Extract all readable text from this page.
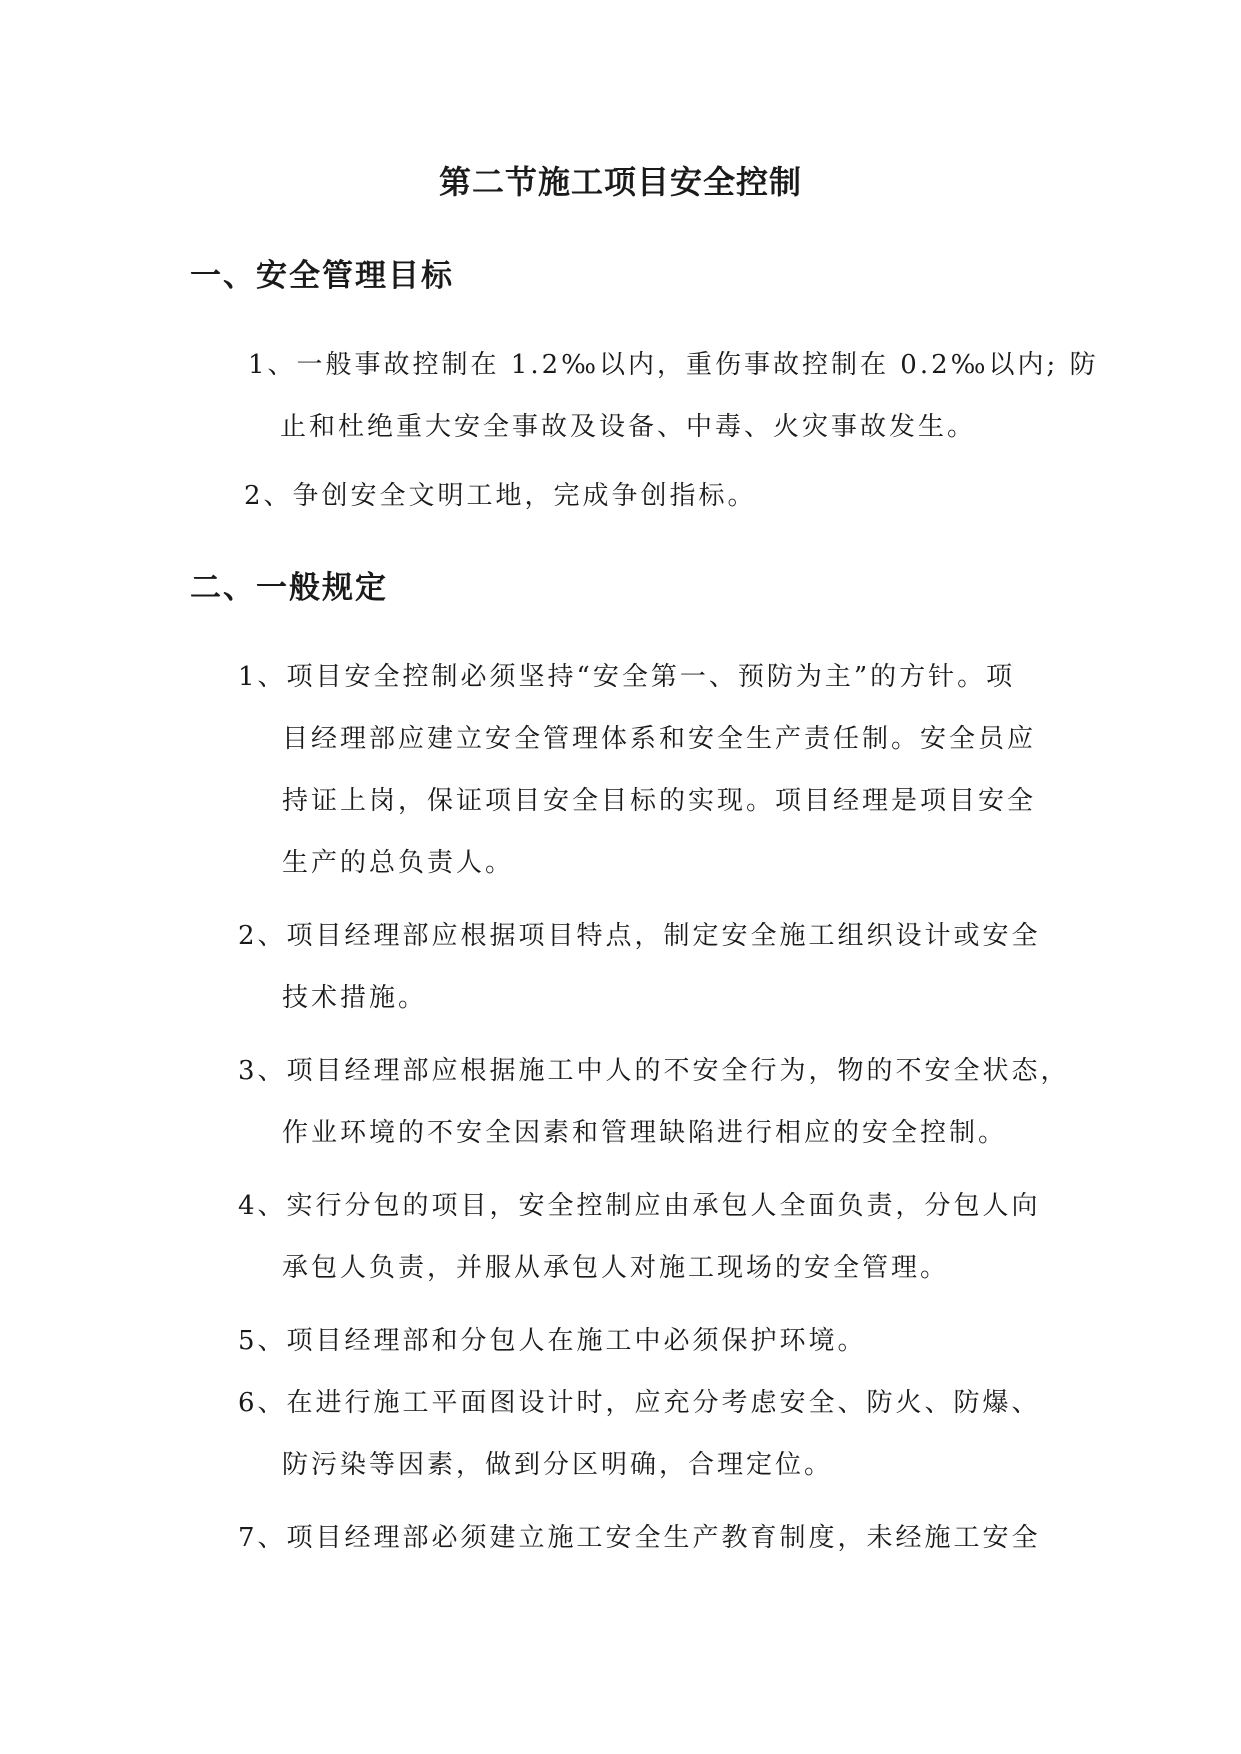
第二节施工项目安全控制
一、安全管理目标
1、一般事故控制在 1.2‰以内，重伤事故控制在 0.2‰以内; 防
止和杜绝重大安全事故及设备、中毒、火灾事故发生。
2、争创安全文明工地，完成争创指标。
二、一般规定
1、项目安全控制必须坚持“安全第一、预防为主”的方针。项
目经理部应建立安全管理体系和安全生产责任制。安全员应
持证上岗，保证项目安全目标的实现。项目经理是项目安全
生产的总负责人。
2、项目经理部应根据项目特点，制定安全施工组织设计或安全
技术措施。
3、项目经理部应根据施工中人的不安全行为，物的不安全状态，
作业环境的不安全因素和管理缺陷进行相应的安全控制。
4、实行分包的项目，安全控制应由承包人全面负责，分包人向
承包人负责，并服从承包人对施工现场的安全管理。
5、项目经理部和分包人在施工中必须保护环境。
6、在进行施工平面图设计时，应充分考虑安全、防火、防爆、
防污染等因素，做到分区明确，合理定位。
7、项目经理部必须建立施工安全生产教育制度，未经施工安全
